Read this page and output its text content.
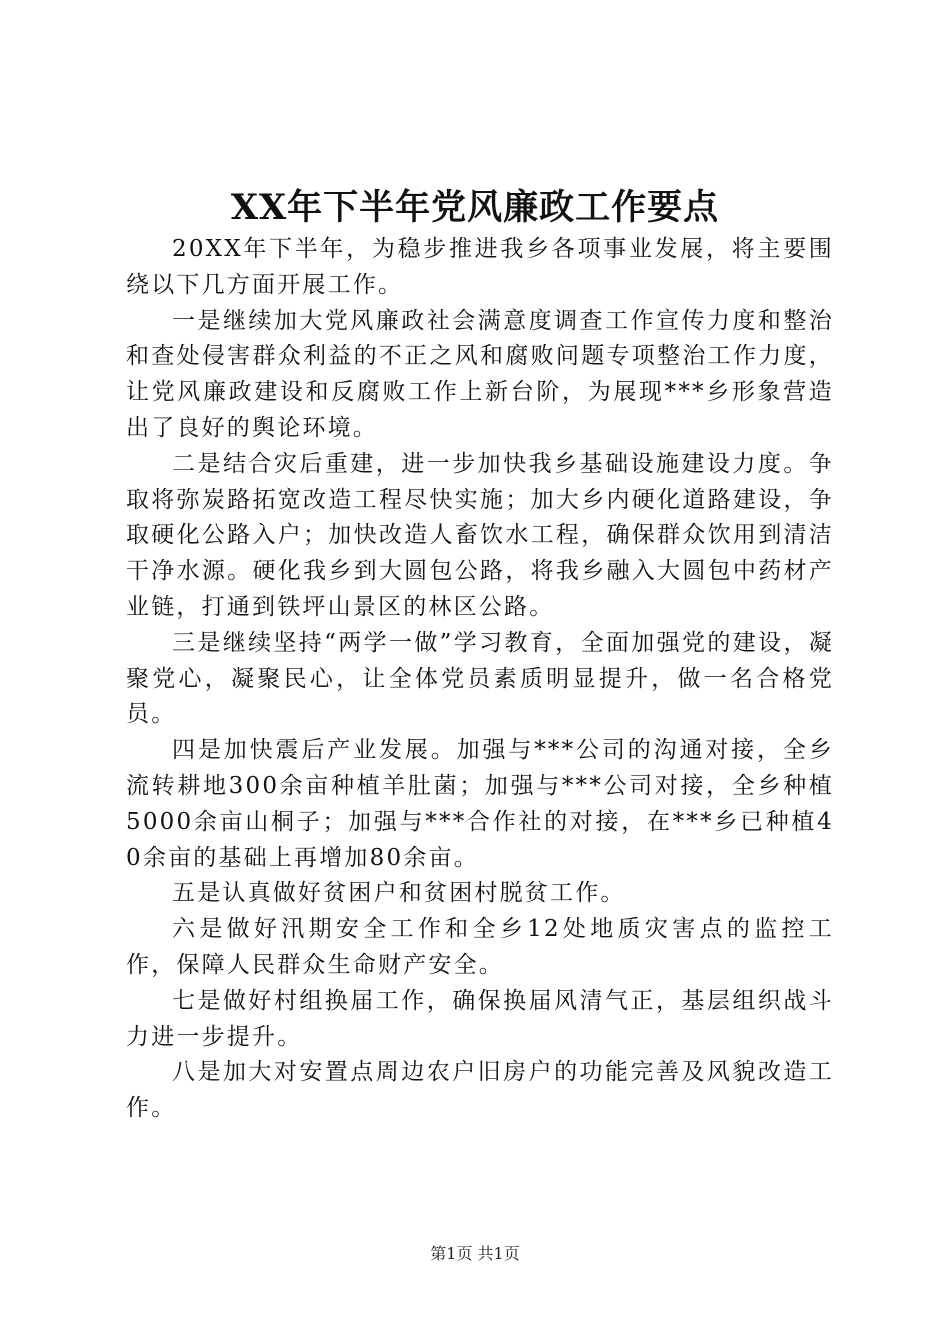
XX年下半年党风廉政工作要点

20XX年下半年，为稳步推进我乡各项事业发展，将主要围绕以下几方面开展工作。

一是继续加大党风廉政社会满意度调查工作宣传力度和整治和查处侵害群众利益的不正之风和腐败问题专项整治工作力度，让党风廉政建设和反腐败工作上新台阶，为展现***乡形象营造出了良好的舆论环境。

二是结合灾后重建，进一步加快我乡基础设施建设力度。争取将弥炭路拓宽改造工程尽快实施；加大乡内硬化道路建设，争取硬化公路入户；加快改造人畜饮水工程，确保群众饮用到清洁干净水源。硬化我乡到大圆包公路，将我乡融入大圆包中药材产业链，打通到铁坪山景区的林区公路。

三是继续坚持“两学一做”学习教育，全面加强党的建设，凝聚党心，凝聚民心，让全体党员素质明显提升，做一名合格党员。

四是加快震后产业发展。加强与***公司的沟通对接，全乡流转耕地300余亩种植羊肚菌；加强与***公司对接，全乡种植5000余亩山桐子；加强与***合作社的对接，在***乡已种植40余亩的基础上再增加80余亩。

五是认真做好贫困户和贫困村脱贫工作。

六是做好汛期安全工作和全乡12处地质灾害点的监控工作，保障人民群众生命财产安全。

七是做好村组换届工作，确保换届风清气正，基层组织战斗力进一步提升。

八是加大对安置点周边农户旧房户的功能完善及风貌改造工作。

第1页 共1页
